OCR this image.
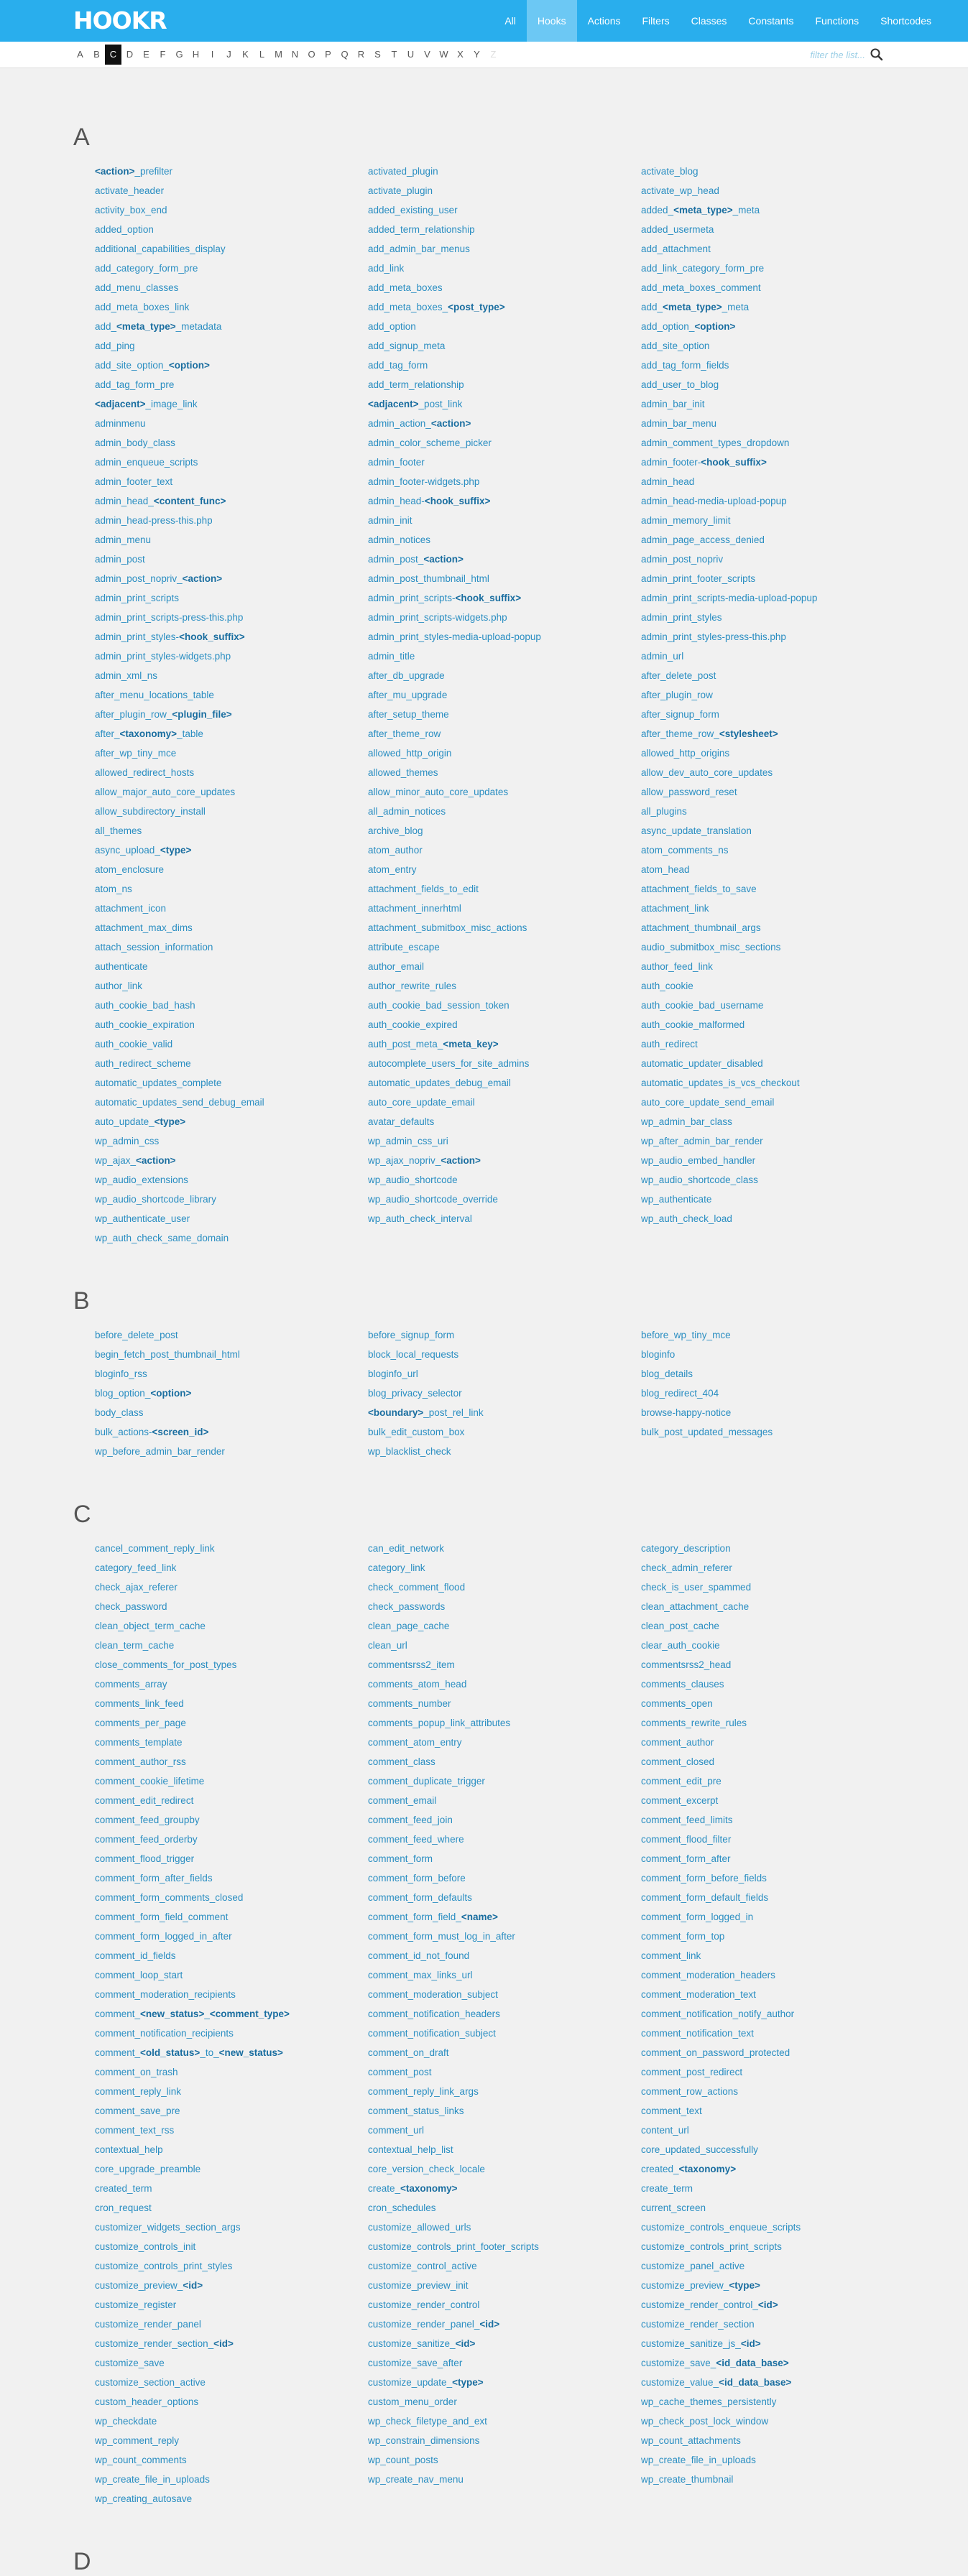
HOOKR	All	Hooks	Actions	Filters	Classes	Constants	Functions	Shortcodes
A	B	C	D	E	F	G	H	I	J	K	L	M N	O	P	Q	R	S	T	U	V W X	Y	Z
filter the list...
A
<action>_prefilter	activated_plugin	activate_blog
activate_header	activate_plugin	activate_wp_head
activity_box_end	added_existing_user	added_<meta_type>_meta
added_option	added_term_relationship	added_usermeta
additional_capabilities_display	add_admin_bar_menus	add_attachment
add_category_form_pre	add_link	add_link_category_form_pre
add_menu_classes	add_meta_boxes	add_meta_boxes_comment
add_meta_boxes_link	add_meta_boxes_<post_type>	add_<meta_type>_meta
add_<meta_type>_metadata	add_option	add_option_<option>
add_ping	add_signup_meta	add_site_option
add_site_option_<option>	add_tag_form	add_tag_form_fields
add_tag_form_pre	add_term_relationship	add_user_to_blog
<adjacent>_image_link	<adjacent>_post_link	admin_bar_init
adminmenu	admin_action_<action>	admin_bar_menu
admin_body_class	admin_color_scheme_picker	admin_comment_types_dropdown
admin_enqueue_scripts	admin_footer	admin_footer-<hook_suffix>
admin_footer_text	admin_footer-widgets.php	admin_head
admin_head_<content_func>	admin_head-<hook_suffix>	admin_head-media-upload-popup
admin_head-press-this.php	admin_init	admin_memory_limit
admin_menu	admin_notices	admin_page_access_denied
admin_post	admin_post_<action>	admin_post_nopriv
admin_post_nopriv_<action>	admin_post_thumbnail_html	admin_print_footer_scripts
admin_print_scripts	admin_print_scripts-<hook_suffix>	admin_print_scripts-media-upload-popup
admin_print_scripts-press-this.php	admin_print_scripts-widgets.php	admin_print_styles
admin_print_styles-<hook_suffix>	admin_print_styles-media-upload-popup	admin_print_styles-press-this.php
admin_print_styles-widgets.php	admin_title	admin_url
admin_xml_ns	after_db_upgrade	after_delete_post
after_menu_locations_table	after_mu_upgrade	after_plugin_row
after_plugin_row_<plugin_file>	after_setup_theme	after_signup_form
after_<taxonomy>_table	after_theme_row	after_theme_row_<stylesheet>
after_wp_tiny_mce	allowed_http_origin	allowed_http_origins
allowed_redirect_hosts	allowed_themes	allow_dev_auto_core_updates
allow_major_auto_core_updates	allow_minor_auto_core_updates	allow_password_reset
allow_subdirectory_install	all_admin_notices	all_plugins
all_themes	archive_blog	async_update_translation
async_upload_<type>	atom_author	atom_comments_ns
atom_enclosure	atom_entry	atom_head
atom_ns	attachment_fields_to_edit	attachment_fields_to_save
attachment_icon	attachment_innerhtml	attachment_link
attachment_max_dims	attachment_submitbox_misc_actions	attachment_thumbnail_args
attach_session_information	attribute_escape	audio_submitbox_misc_sections
authenticate	author_email	author_feed_link
author_link	author_rewrite_rules	auth_cookie
auth_cookie_bad_hash	auth_cookie_bad_session_token	auth_cookie_bad_username
auth_cookie_expiration	auth_cookie_expired	auth_cookie_malformed
auth_cookie_valid	auth_post_meta_<meta_key>	auth_redirect
auth_redirect_scheme	autocomplete_users_for_site_admins	automatic_updater_disabled
automatic_updates_complete	automatic_updates_debug_email	automatic_updates_is_vcs_checkout
automatic_updates_send_debug_email	auto_core_update_email	auto_core_update_send_email
auto_update_<type>	avatar_defaults	wp_admin_bar_class
wp_admin_css	wp_admin_css_uri	wp_after_admin_bar_render
wp_ajax_<action>	wp_ajax_nopriv_<action>	wp_audio_embed_handler
wp_audio_extensions	wp_audio_shortcode	wp_audio_shortcode_class
wp_audio_shortcode_library	wp_audio_shortcode_override	wp_authenticate
wp_authenticate_user	wp_auth_check_interval	wp_auth_check_load
wp_auth_check_same_domain
B
before_delete_post	before_signup_form	before_wp_tiny_mce
begin_fetch_post_thumbnail_html	block_local_requests	bloginfo
bloginfo_rss	bloginfo_url	blog_details
blog_option_<option>	blog_privacy_selector	blog_redirect_404
body_class	<boundary>_post_rel_link	browse-happy-notice
bulk_actions-<screen_id>	bulk_edit_custom_box	bulk_post_updated_messages
wp_before_admin_bar_render	wp_blacklist_check
C
cancel_comment_reply_link	can_edit_network	category_description
category_feed_link	category_link	check_admin_referer
check_ajax_referer	check_comment_flood	check_is_user_spammed
check_password	check_passwords	clean_attachment_cache
clean_object_term_cache	clean_page_cache	clean_post_cache
clean_term_cache	clean_url	clear_auth_cookie
close_comments_for_post_types	commentsrss2_item	commentsrss2_head
comments_array	comments_atom_head	comments_clauses
comments_link_feed	comments_number	comments_open
comments_per_page	comments_popup_link_attributes	comments_rewrite_rules
comments_template	comment_atom_entry	comment_author
comment_author_rss	comment_class	comment_closed
comment_cookie_lifetime	comment_duplicate_trigger	comment_edit_pre
comment_edit_redirect	comment_email	comment_excerpt
comment_feed_groupby	comment_feed_join	comment_feed_limits
comment_feed_orderby	comment_feed_where	comment_flood_filter
comment_flood_trigger	comment_form	comment_form_after
comment_form_after_fields	comment_form_before	comment_form_before_fields
comment_form_comments_closed	comment_form_defaults	comment_form_default_fields
comment_form_field_comment	comment_form_field_<name>	comment_form_logged_in
comment_form_logged_in_after	comment_form_must_log_in_after	comment_form_top
comment_id_fields	comment_id_not_found	comment_link
comment_loop_start	comment_max_links_url	comment_moderation_headers
comment_moderation_recipients	comment_moderation_subject	comment_moderation_text
comment_<new_status>_<comment_type>	comment_notification_headers	comment_notification_notify_author
comment_notification_recipients	comment_notification_subject	comment_notification_text
comment_<old_status>_to_<new_status>	comment_on_draft	comment_on_password_protected
comment_on_trash	comment_post	comment_post_redirect
comment_reply_link	comment_reply_link_args	comment_row_actions
comment_save_pre	comment_status_links	comment_text
comment_text_rss	comment_url	content_url
contextual_help	contextual_help_list	core_updated_successfully
core_upgrade_preamble	core_version_check_locale	created_<taxonomy>
created_term	create_<taxonomy>	create_term
cron_request	cron_schedules	current_screen
customizer_widgets_section_args	customize_allowed_urls	customize_controls_enqueue_scripts
customize_controls_init	customize_controls_print_footer_scripts	customize_controls_print_scripts
customize_controls_print_styles	customize_control_active	customize_panel_active
customize_preview_<id>	customize_preview_init	customize_preview_<type>
customize_register	customize_render_control	customize_render_control_<id>
customize_render_panel	customize_render_panel_<id>	customize_render_section
customize_render_section_<id>	customize_sanitize_<id>	customize_sanitize_js_<id>
customize_save	customize_save_after	customize_save_<id_data_base>
customize_section_active	customize_update_<type>	customize_value_<id_data_base>
custom_header_options	custom_menu_order	wp_cache_themes_persistently
wp_checkdate	wp_check_filetype_and_ext	wp_check_post_lock_window
wp_comment_reply	wp_constrain_dimensions	wp_count_attachments
wp_count_comments	wp_count_posts	wp_create_file_in_uploads
wp_create_file_in_uploads	wp_create_nav_menu	wp_create_thumbnail
wp_creating_autosave
D
